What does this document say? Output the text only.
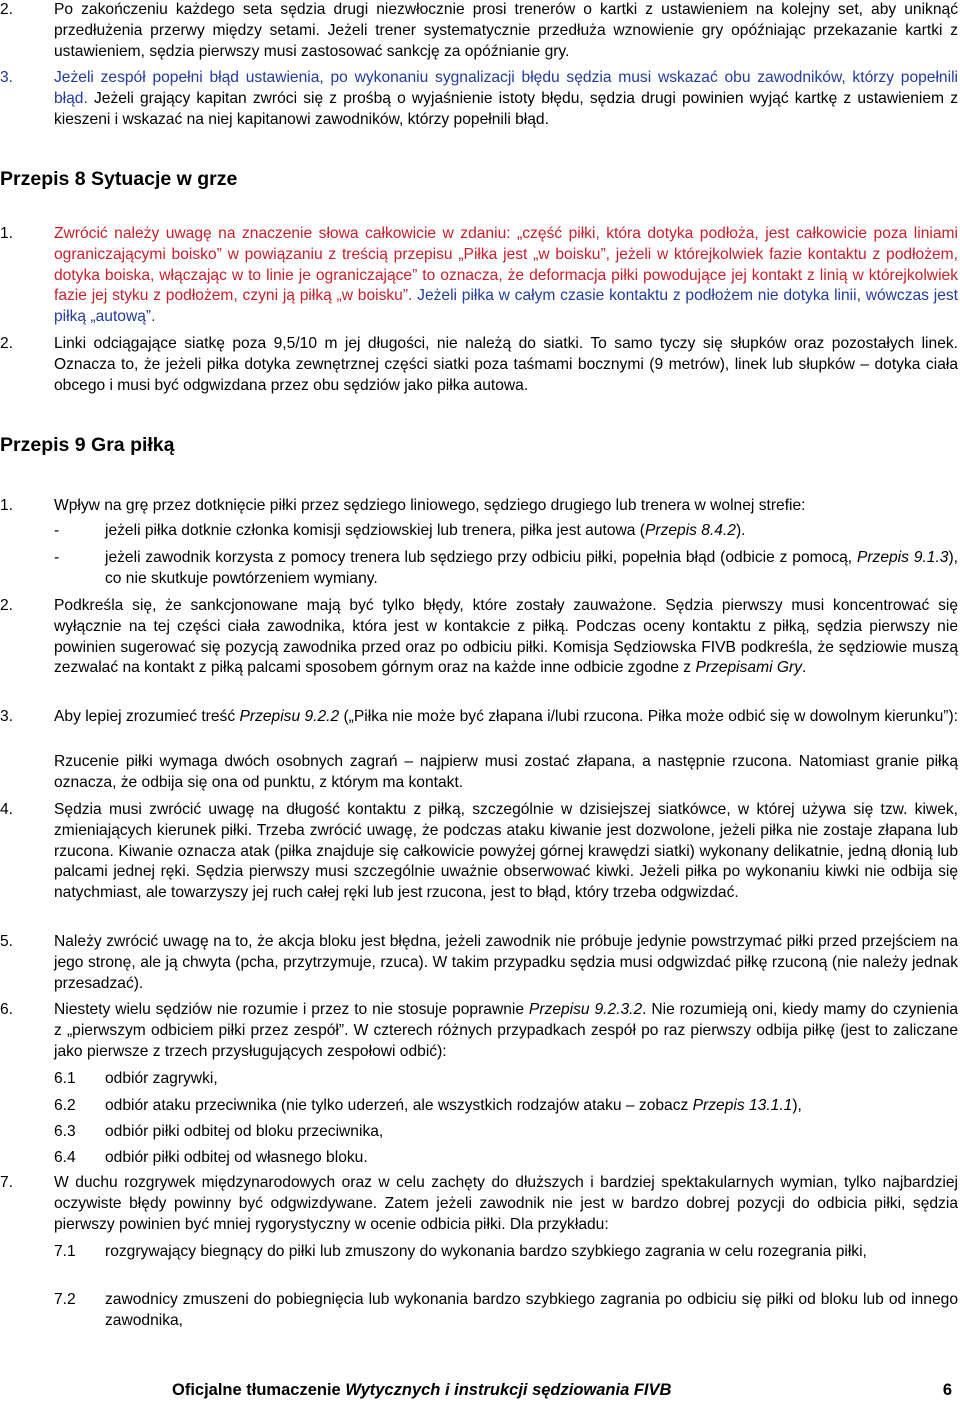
2.	Po zakończeniu każdego seta sędzia drugi niezwłocznie prosi trenerów o kartki z ustawieniem na kolejny set, aby uniknąć przedłużenia przerwy między setami. Jeżeli trener systematycznie przedłuża wznowienie gry opóźniając przekazanie kartki z ustawieniem, sędzia pierwszy musi zastosować sankcję za opóźnianie gry.
3.	Jeżeli zespół popełni błąd ustawienia, po wykonaniu sygnalizacji błędu sędzia musi wskazać obu zawodników, którzy popełnili błąd. Jeżeli grający kapitan zwróci się z prośbą o wyjaśnienie istoty błędu, sędzia drugi powinien wyjąć kartkę z ustawieniem z kieszeni i wskazać na niej kapitanowi zawodników, którzy popełnili błąd.
Przepis 8 Sytuacje w grze
1.	Zwrócić należy uwagę na znaczenie słowa całkowicie w zdaniu: „część piłki, która dotyka podłoża, jest całkowicie poza liniami ograniczającymi boisko” w powiązaniu z treścią przepisu „Piłka jest „w boisku”, jeżeli w którejkolwiek fazie kontaktu z podłożem, dotyka boiska, włączając w to linie je ograniczające” to oznacza, że deformacja piłki powodujące jej kontakt z linią w którejkolwiek fazie jej styku z podłożem, czyni ją piłką „w boisku”. Jeżeli piłka w całym czasie kontaktu z podłożem nie dotyka linii, wówczas jest piłką „autową”.
2.	Linki odciągające siatkę poza 9,5/10 m jej długości, nie należą do siatki. To samo tyczy się słupków oraz pozostałych linek. Oznacza to, że jeżeli piłka dotyka zewnętrznej części siatki poza taśmami bocznymi (9 metrów), linek lub słupków – dotyka ciała obcego i musi być odgwizdana przez obu sędziów jako piłka autowa.
Przepis 9 Gra piłką
1.	Wpływ na grę przez dotknięcie piłki przez sędziego liniowego, sędziego drugiego lub trenera w wolnej strefie:
-	jeżeli piłka dotknie członka komisji sędziowskiej lub trenera, piłka jest autowa (Przepis 8.4.2).
-	jeżeli zawodnik korzysta z pomocy trenera lub sędziego przy odbiciu piłki, popełnia błąd (odbicie z pomocą, Przepis 9.1.3), co nie skutkuje powtórzeniem wymiany.
2.	Podkreśla się, że sankcjonowane mają być tylko błędy, które zostały zauważone. Sędzia pierwszy musi koncentrować się wyłącznie na tej części ciała zawodnika, która jest w kontakcie z piłką. Podczas oceny kontaktu z piłką, sędzia pierwszy nie powinien sugerować się pozycją zawodnika przed oraz po odbiciu piłki. Komisja Sędziowska FIVB podkreśla, że sędziowie muszą zezwalać na kontakt z piłką palcami sposobem górnym oraz na każde inne odbicie zgodne z Przepisami Gry.
3.	Aby lepiej zrozumieć treść Przepisu 9.2.2 („Piłka nie może być złapana i/lubi rzucona. Piłka może odbić się w dowolnym kierunku”):
Rzucenie piłki wymaga dwóch osobnych zagrań – najpierw musi zostać złapana, a następnie rzucona. Natomiast granie piłką oznacza, że odbija się ona od punktu, z którym ma kontakt.
4.	Sędzia musi zwrócić uwagę na długość kontaktu z piłką, szczególnie w dzisiejszej siatkówce, w której używa się tzw. kiwek, zmieniających kierunek piłki. Trzeba zwrócić uwagę, że podczas ataku kiwanie jest dozwolone, jeżeli piłka nie zostaje złapana lub rzucona. Kiwanie oznacza atak (piłka znajduje się całkowicie powyżej górnej krawędzi siatki) wykonany delikatnie, jedną dłonią lub palcami jednej ręki. Sędzia pierwszy musi szczególnie uważnie obserwować kiwki. Jeżeli piłka po wykonaniu kiwki nie odbija się natychmiast, ale towarzyszy jej ruch całej ręki lub jest rzucona, jest to błąd, który trzeba odgwizdać.
5.	Należy zwrócić uwagę na to, że akcja bloku jest błędna, jeżeli zawodnik nie próbuje jedynie powstrzymać piłki przed przejściem na jego stronę, ale ją chwyta (pcha, przytrzymuje, rzuca). W takim przypadku sędzia musi odgwizdać piłkę rzuconą (nie należy jednak przesadzać).
6.	Niestety wielu sędziów nie rozumie i przez to nie stosuje poprawnie Przepisu 9.2.3.2. Nie rozumieją oni, kiedy mamy do czynienia z „pierwszym odbiciem piłki przez zespół”. W czterech różnych przypadkach zespół po raz pierwszy odbija piłkę (jest to zaliczane jako pierwsze z trzech przysługujących zespołowi odbić):
6.1 odbiór zagrywki,
6.2 odbiór ataku przeciwnika (nie tylko uderzeń, ale wszystkich rodzajów ataku – zobacz Przepis 13.1.1),
6.3 odbiór piłki odbitej od bloku przeciwnika,
6.4 odbiór piłki odbitej od własnego bloku.
7.	W duchu rozgrywek międzynarodowych oraz w celu zachęty do dłuższych i bardziej spektakularnych wymian, tylko najbardziej oczywiste błędy powinny być odgwizdywane. Zatem jeżeli zawodnik nie jest w bardzo dobrej pozycji do odbicia piłki, sędzia pierwszy powinien być mniej rygorystyczny w ocenie odbicia piłki. Dla przykładu:
7.1 rozgrywający biegnący do piłki lub zmuszony do wykonania bardzo szybkiego zagrania w celu rozegrania piłki,
7.2 zawodnicy zmuszeni do pobiegnięcia lub wykonania bardzo szybkiego zagrania po odbiciu się piłki od bloku lub od innego zawodnika,
Oficjalne tłumaczenie Wytycznych i instrukcji sędziowania FIVB	6
